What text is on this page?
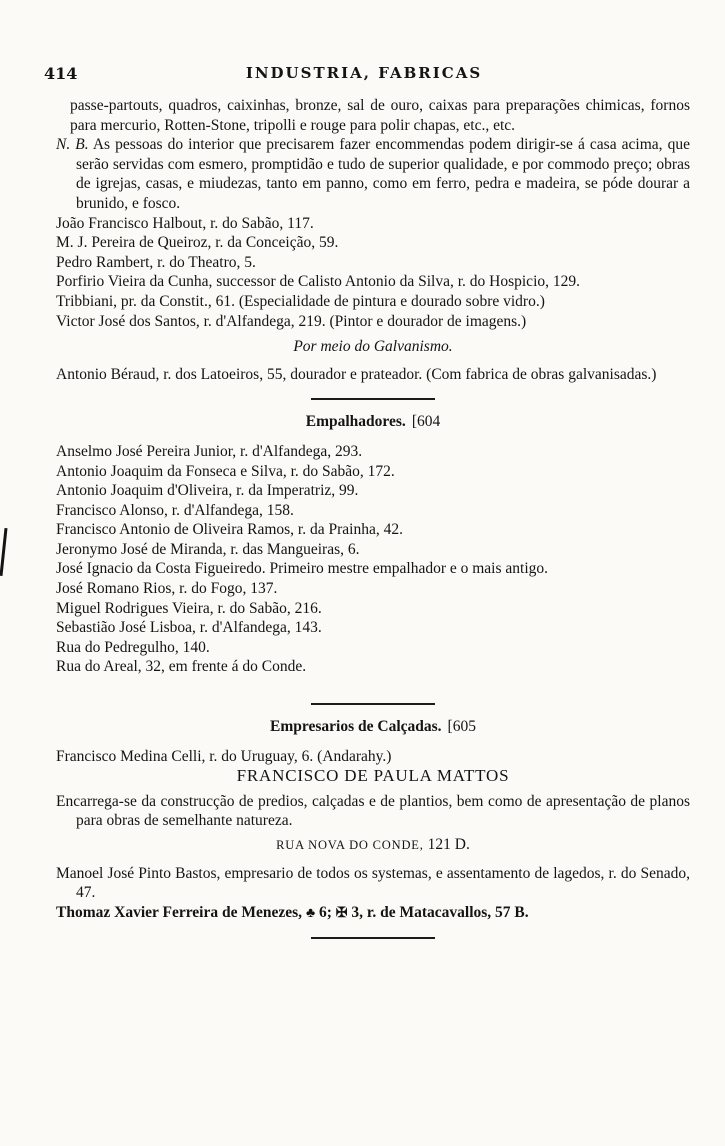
414	INDUSTRIA, FABRICAS

passe-partouts, quadros, caixinhas, bronze, sal de ouro, caixas para preparações chimicas, fornos para mercurio, Rotten-Stone, tripolli e rouge para polir chapas, etc., etc.

N. B. As pessoas do interior que precisarem fazer encommendas podem dirigir-se á casa acima, que serão servidas com esmero, promptidão e tudo de superior qualidade, e por commodo preço; obras de igrejas, casas, e miudezas, tanto em panno, como em ferro, pedra e madeira, se póde dourar a brunido, e fosco.

João Francisco Halbout, r. do Sabão, 117.

M. J. Pereira de Queiroz, r. da Conceição, 59.

Pedro Rambert, r. do Theatro, 5.

Porfirio Vieira da Cunha, successor de Calisto Antonio da Silva, r. do Hospicio, 129.

Tribbiani, pr. da Constit., 61. (Especialidade de pintura e dourado sobre vidro.)

Victor José dos Santos, r. d'Alfandega, 219. (Pintor e dourador de imagens.)

Por meio do Galvanismo.

Antonio Béraud, r. dos Latoeiros, 55, dourador e prateador. (Com fabrica de obras galvanisadas.)

Empalhadores. [604

Anselmo José Pereira Junior, r. d'Alfandega, 293.

Antonio Joaquim da Fonseca e Silva, r. do Sabão, 172.

Antonio Joaquim d'Oliveira, r. da Imperatriz, 99.

Francisco Alonso, r. d'Alfandega, 158.

Francisco Antonio de Oliveira Ramos, r. da Prainha, 42.

Jeronymo José de Miranda, r. das Mangueiras, 6.

José Ignacio da Costa Figueiredo. Primeiro mestre empalhador e o mais antigo.

José Romano Rios, r. do Fogo, 137.

Miguel Rodrigues Vieira, r. do Sabão, 216.

Sebastião José Lisboa, r. d'Alfandega, 143.

Rua do Pedregulho, 140.

Rua do Areal, 32, em frente á do Conde.

Empresarios de Calçadas. [605

Francisco Medina Celli, r. do Uruguay, 6. (Andarahy.)

FRANCISCO DE PAULA MATTOS

Encarrega-se da construcção de predios, calçadas e de plantios, bem como de apresentação de planos para obras de semelhante natureza.

RUA NOVA DO CONDE, 121 D.

Manoel José Pinto Bastos, empresario de todos os systemas, e assentamento de lagedos, r. do Senado, 47.

Thomaz Xavier Ferreira de Menezes, ♣ 6; ✠ 3, r. de Matacavallos, 57 B.
